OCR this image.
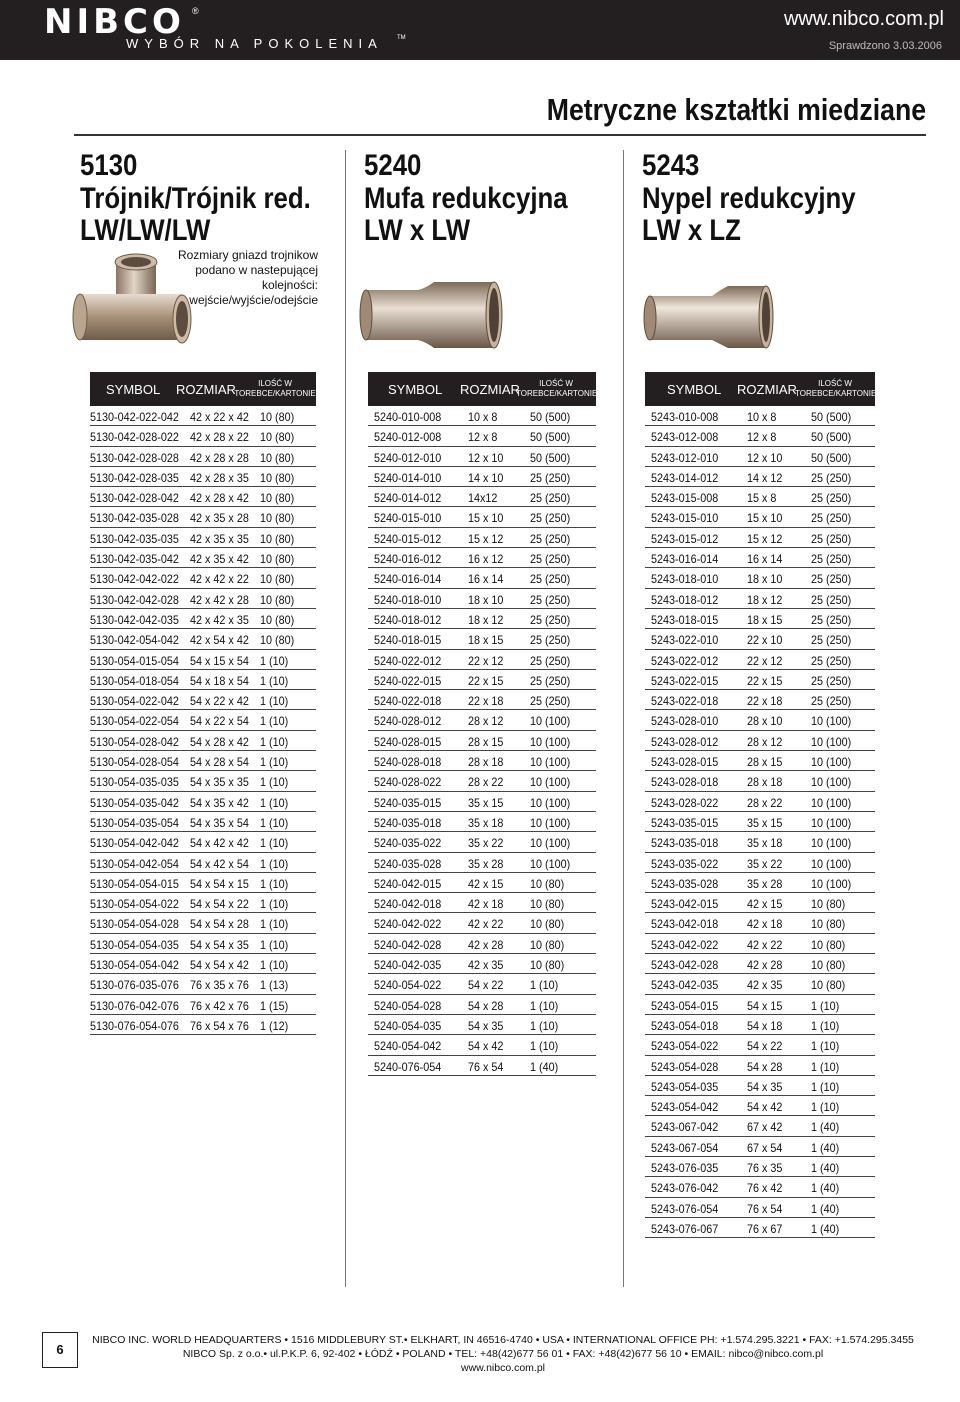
NIBCO ®
WYBÓR NA POKOLENIA TM
www.nibco.com.pl
Sprawdzono 3.03.2006
Metryczne kształtki miedziane
5130
Trójnik/Trójnik red.
LW/LW/LW
Rozmiary gniazd trojnikow podano w nastepującej kolejności: wejście/wyjście/odejście
SYMBOL ROZMIAR	ILOŚĆ W TOREBCE/KARTONIE
5130-042-022-042 42 x 22 x 42 10 (80)
5130-042-028-022 42 x 28 x 22 10 (80)
5130-042-028-028 42 x 28 x 28 10 (80)
5130-042-028-035 42 x 28 x 35 10 (80)
5130-042-028-042 42 x 28 x 42 10 (80)
5130-042-035-028 42 x 35 x 28 10 (80)
5130-042-035-035 42 x 35 x 35 10 (80)
5130-042-035-042 42 x 35 x 42 10 (80)
5130-042-042-022 42 x 42 x 22 10 (80)
5130-042-042-028 42 x 42 x 28 10 (80)
5130-042-042-035 42 x 42 x 35 10 (80)
5130-042-054-042 42 x 54 x 42 10 (80)
5130-054-015-054 54 x 15 x 54 1 (10)
5130-054-018-054 54 x 18 x 54 1 (10)
5130-054-022-042 54 x 22 x 42 1 (10)
5130-054-022-054 54 x 22 x 54 1 (10)
5130-054-028-042 54 x 28 x 42 1 (10)
5130-054-028-054 54 x 28 x 54 1 (10)
5130-054-035-035 54 x 35 x 35 1 (10)
5130-054-035-042 54 x 35 x 42 1 (10)
5130-054-035-054 54 x 35 x 54 1 (10)
5130-054-042-042 54 x 42 x 42 1 (10)
5130-054-042-054 54 x 42 x 54 1 (10)
5130-054-054-015 54 x 54 x 15 1 (10)
5130-054-054-022 54 x 54 x 22 1 (10)
5130-054-054-028 54 x 54 x 28 1 (10)
5130-054-054-035 54 x 54 x 35 1 (10)
5130-054-054-042 54 x 54 x 42 1 (10)
5130-076-035-076 76 x 35 x 76 1 (13)
5130-076-042-076 76 x 42 x 76 1 (15)
5130-076-054-076 76 x 54 x 76 1 (12)
5240
Mufa redukcyjna
LW x LW
SYMBOL ROZMIAR	ILOŚĆ W TOREBCE/KARTONIE
5240-010-008 10 x 8	50 (500)
5240-012-008 12 x 8	50 (500)
5240-012-010 12 x 10 50 (500)
5240-014-010 14 x 10 25 (250)
5240-014-012 14x12	25 (250)
5240-015-010 15 x 10 25 (250)
5240-015-012 15 x 12 25 (250)
5240-016-012 16 x 12 25 (250)
5240-016-014 16 x 14 25 (250)
5240-018-010 18 x 10 25 (250)
5240-018-012 18 x 12 25 (250)
5240-018-015 18 x 15 25 (250)
5240-022-012 22 x 12 25 (250)
5240-022-015 22 x 15 25 (250)
5240-022-018 22 x 18 25 (250)
5240-028-012 28 x 12 10 (100)
5240-028-015 28 x 15 10 (100)
5240-028-018 28 x 18 10 (100)
5240-028-022 28 x 22 10 (100)
5240-035-015 35 x 15 10 (100)
5240-035-018 35 x 18 10 (100)
5240-035-022 35 x 22 10 (100)
5240-035-028 35 x 28 10 (100)
5240-042-015 42 x 15 10 (80)
5240-042-018 42 x 18 10 (80)
5240-042-022 42 x 22 10 (80)
5240-042-028 42 x 28 10 (80)
5240-042-035 42 x 35 10 (80)
5240-054-022 54 x 22 1 (10)
5240-054-028 54 x 28 1 (10)
5240-054-035 54 x 35 1 (10)
5240-054-042 54 x 42 1 (10)
5240-076-054 76 x 54 1 (40)
5243
Nypel redukcyjny
LW x LZ
SYMBOL ROZMIAR	ILOŚĆ W TOREBCE/KARTONIE
5243-010-008 10 x 8	50 (500)
5243-012-008 12 x 8	50 (500)
5243-012-010 12 x 10 50 (500)
5243-014-012 14 x 12 25 (250)
5243-015-008 15 x 8	25 (250)
5243-015-010 15 x 10 25 (250)
5243-015-012 15 x 12 25 (250)
5243-016-014 16 x 14 25 (250)
5243-018-010 18 x 10 25 (250)
5243-018-012 18 x 12 25 (250)
5243-018-015 18 x 15 25 (250)
5243-022-010 22 x 10 25 (250)
5243-022-012 22 x 12 25 (250)
5243-022-015 22 x 15 25 (250)
5243-022-018 22 x 18 25 (250)
5243-028-010 28 x 10 10 (100)
5243-028-012 28 x 12 10 (100)
5243-028-015 28 x 15 10 (100)
5243-028-018 28 x 18 10 (100)
5243-028-022 28 x 22 10 (100)
5243-035-015 35 x 15 10 (100)
5243-035-018 35 x 18 10 (100)
5243-035-022 35 x 22 10 (100)
5243-035-028 35 x 28 10 (100)
5243-042-015 42 x 15 10 (80)
5243-042-018 42 x 18 10 (80)
5243-042-022 42 x 22 10 (80)
5243-042-028 42 x 28 10 (80)
5243-042-035 42 x 35 10 (80)
5243-054-015 54 x 15 1 (10)
5243-054-018 54 x 18 1 (10)
5243-054-022 54 x 22 1 (10)
5243-054-028 54 x 28 1 (10)
5243-054-035 54 x 35 1 (10)
5243-054-042 54 x 42 1 (10)
5243-067-042 67 x 42 1 (40)
5243-067-054 67 x 54 1 (40)
5243-076-035 76 x 35 1 (40)
5243-076-042 76 x 42 1 (40)
5243-076-054 76 x 54 1 (40)
5243-076-067 76 x 67 1 (40)
6
NIBCO INC. WORLD HEADQUARTERS • 1516 MIDDLEBURY ST.• ELKHART, IN 46516-4740 • USA • INTERNATIONAL OFFICE PH: +1.574.295.3221 • FAX: +1.574.295.3455
NIBCO Sp. z o.o.• ul.P.K.P. 6, 92-402 • ŁÓDŹ • POLAND • TEL: +48(42)677 56 01 • FAX: +48(42)677 56 10 • EMAIL: nibco@nibco.com.pl
www.nibco.com.pl
